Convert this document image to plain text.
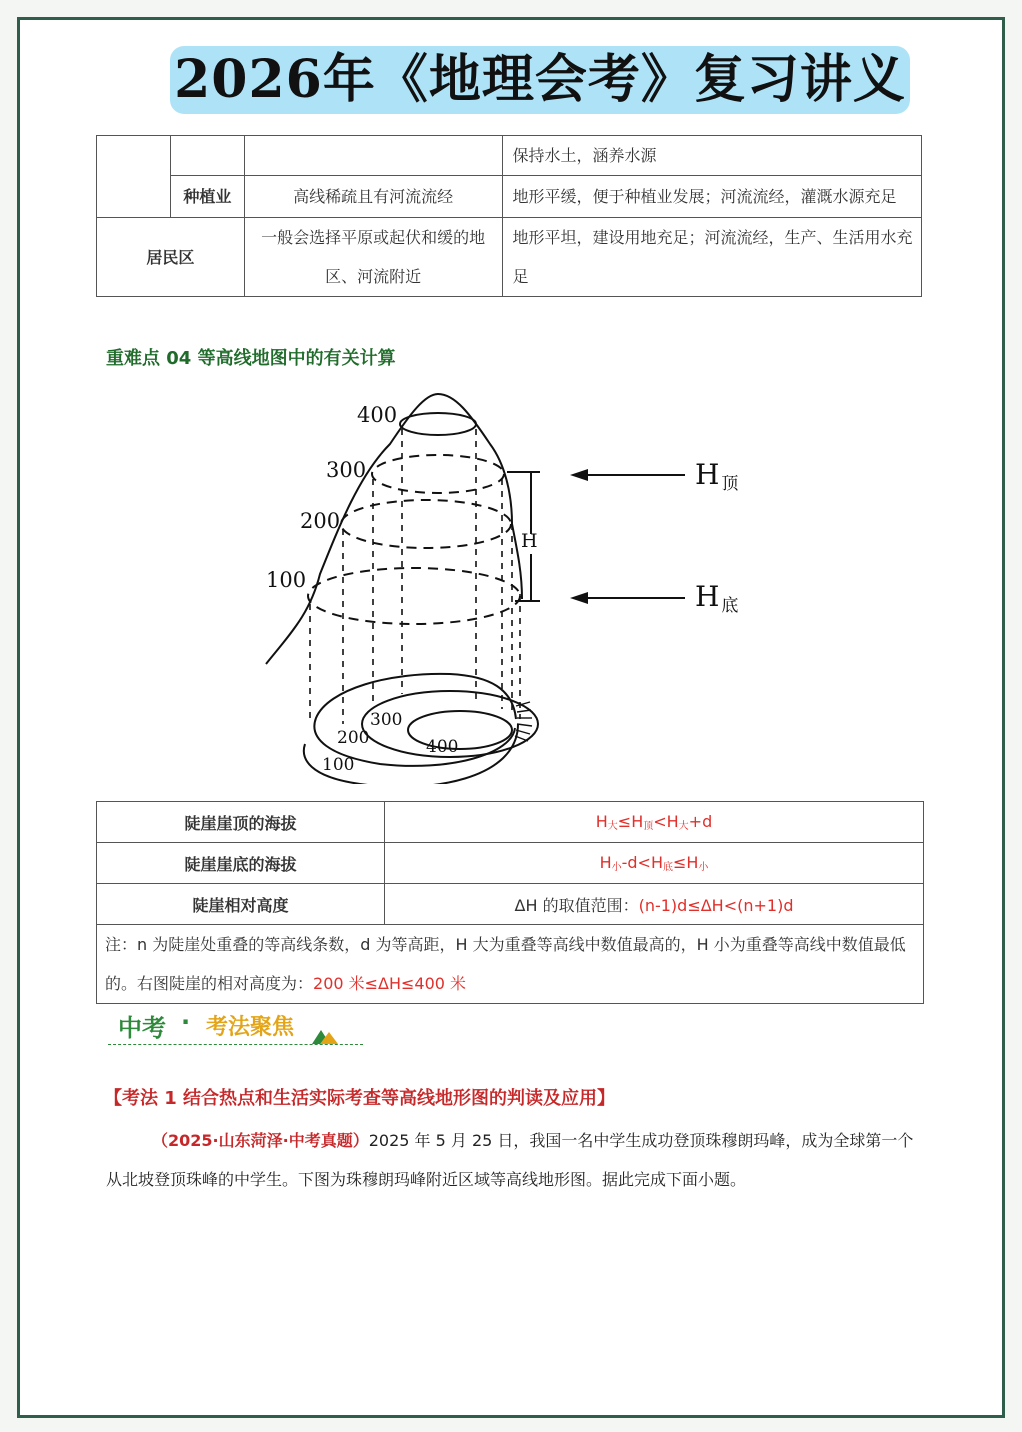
2026年《地理会考》复习讲义
			保持水土，涵养水源
	种植业	高线稀疏且有河流流经	地形平缓，便于种植业发展；河流流经，灌溉水源充足
居民区		一般会选择平原或起伏和缓的地区、河流附近	地形平坦，建设用地充足；河流流经，生产、生活用水充足
重难点 04 等高线地图中的有关计算
400
300
200
100
H
H顶
H底
300
200	400
100
陡崖崖顶的海拔	$H_大\le H_顶<H_大+d$
陡崖崖底的海拔	$H_小-d<H_底\le H_小$
陡崖相对高度	ΔH 的取值范围：(n-1)d≤ΔH<(n+1)d
注：n 为陡崖处重叠的等高线条数，d 为等高距，H 大为重叠等高线中数值最高的，H 小为重叠等高线中数值最低的。右图陡崖的相对高度为：200 米≤ΔH≤400 米	
中考 · 考法聚焦
【考法 1 结合热点和生活实际考查等高线地形图的判读及应用】
（2025·山东菏泽·中考真题）2025 年 5 月 25 日，我国一名中学生成功登顶珠穆朗玛峰，成为全球第一个从北坡登顶珠峰的中学生。下图为珠穆朗玛峰附近区域等高线地形图。据此完成下面小题。
